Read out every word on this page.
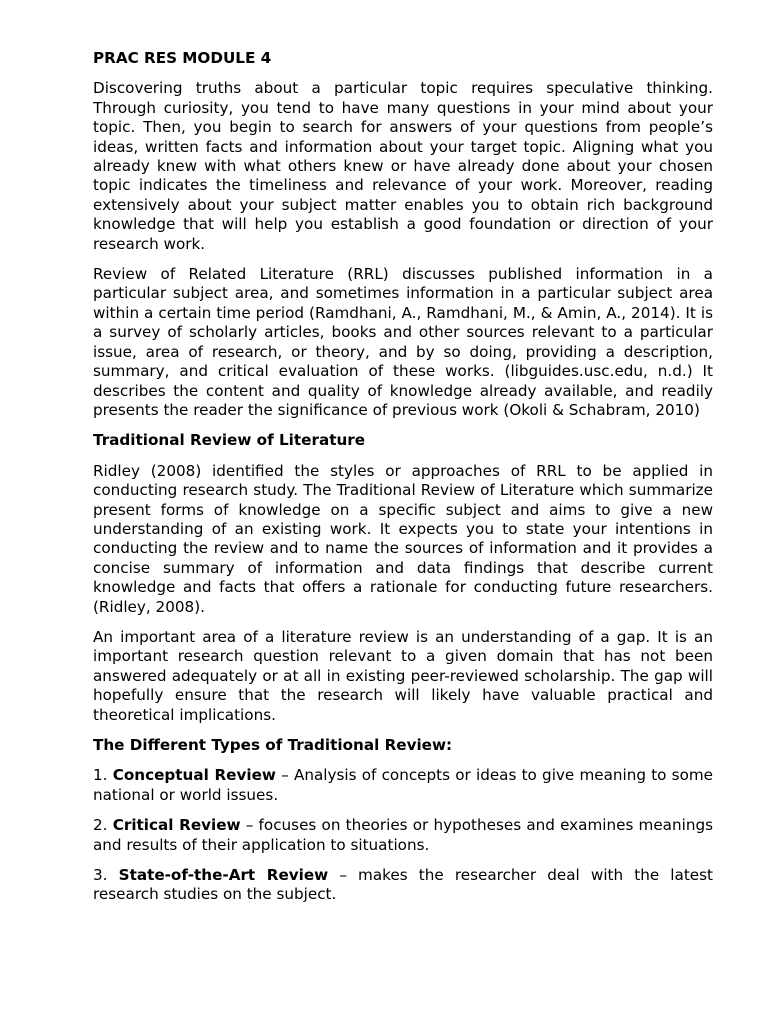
PRAC RES MODULE 4

Discovering truths about a particular topic requires speculative thinking. Through curiosity, you tend to have many questions in your mind about your topic. Then, you begin to search for answers of your questions from people’s ideas, written facts and information about your target topic. Aligning what you already knew with what others knew or have already done about your chosen topic indicates the timeliness and relevance of your work. Moreover, reading extensively about your subject matter enables you to obtain rich background knowledge that will help you establish a good foundation or direction of your research work.

Review of Related Literature (RRL) discusses published information in a particular subject area, and sometimes information in a particular subject area within a certain time period (Ramdhani, A., Ramdhani, M., & Amin, A., 2014). It is a survey of scholarly articles, books and other sources relevant to a particular issue, area of research, or theory, and by so doing, providing a description, summary, and critical evaluation of these works. (libguides.usc.edu, n.d.) It describes the content and quality of knowledge already available, and readily presents the reader the significance of previous work (Okoli & Schabram, 2010)

Traditional Review of Literature

Ridley (2008) identified the styles or approaches of RRL to be applied in conducting research study. The Traditional Review of Literature which summarize present forms of knowledge on a specific subject and aims to give a new understanding of an existing work. It expects you to state your intentions in conducting the review and to name the sources of information and it provides a concise summary of information and data findings that describe current knowledge and facts that offers a rationale for conducting future researchers. (Ridley, 2008).

An important area of a literature review is an understanding of a gap. It is an important research question relevant to a given domain that has not been answered adequately or at all in existing peer-reviewed scholarship. The gap will hopefully ensure that the research will likely have valuable practical and theoretical implications.

The Different Types of Traditional Review:

1. Conceptual Review – Analysis of concepts or ideas to give meaning to some national or world issues.

2. Critical Review – focuses on theories or hypotheses and examines meanings and results of their application to situations.

3. State-of-the-Art Review – makes the researcher deal with the latest research studies on the subject.
